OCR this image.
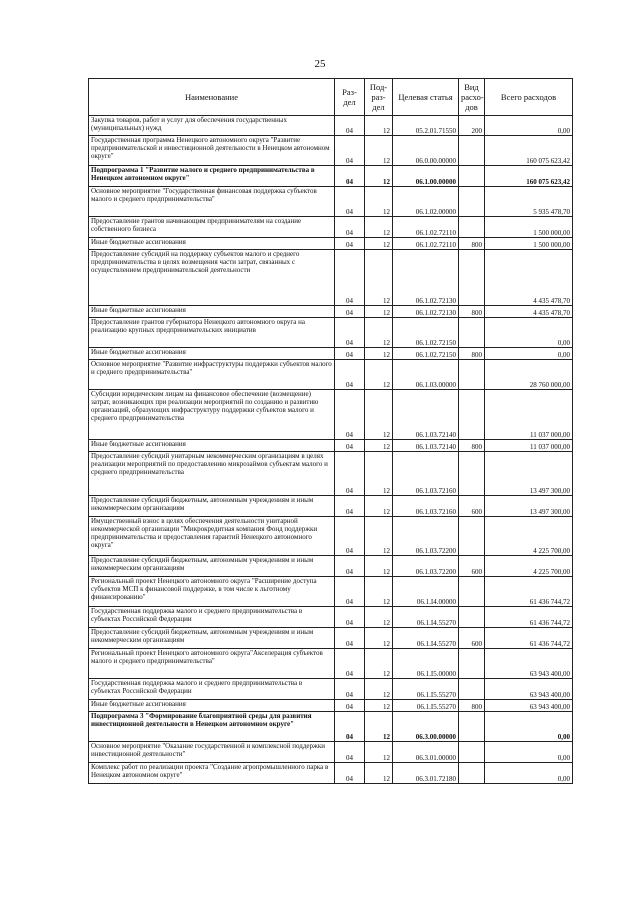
25
Наименование	Раз-дел	Под-раз-дел	Целевая статья	Вид расхо-дов	Всего расходов
Закупка товаров, работ и услуг для обеспечения государственных (муниципальных) нужд	04	12	05.2.01.71550	200	0,00
Государственная программа Ненецкого автономного округа "Развитие предпринимательской и инвестиционной деятельности в Ненецком автономном округе"	04	12	06.0.00.00000		160 075 623,42
Подпрограмма 1 "Развитие малого и среднего предпринимательства в Ненецком автономном округе"	04	12	06.1.00.00000		160 075 623,42
Основное мероприятие "Государственная финансовая поддержка субъектов малого и среднего предпринимательства"	04	12	06.1.02.00000		5 935 478,70
Предоставление грантов начинающим предпринимателям на создание собственного бизнеса	04	12	06.1.02.72110		1 500 000,00
Иные бюджетные ассигнования	04	12	06.1.02.72110	800	1 500 000,00
Предоставление субсидий на поддержку субъектов малого и среднего предпринимательства в целях возмещения части затрат, связанных с осуществлением предпринимательской деятельности	04	12	06.1.02.72130		4 435 478,70
Иные бюджетные ассигнования	04	12	06.1.02.72130	800	4 435 478,70
Предоставление грантов губернатора Ненецкого автономного округа на реализацию крупных предпринимательских инициатив	04	12	06.1.02.72150		0,00
Иные бюджетные ассигнования	04	12	06.1.02.72150	800	0,00
Основное мероприятие "Развитие инфраструктуры поддержки субъектов малого и среднего предпринимательства"	04	12	06.1.03.00000		28 760 000,00
Субсидии юридическим лицам на финансовое обеспечение (возмещение) затрат, возникающих при реализации мероприятий по созданию и развитию организаций, образующих инфраструктуру поддержки субъектов малого и среднего предпринимательства	04	12	06.1.03.72140		11 037 000,00
Иные бюджетные ассигнования	04	12	06.1.03.72140	800	11 037 000,00
Предоставление субсидий унитарным некоммерческим организациям в целях реализации мероприятий по предоставлению микрозаймов субъектам малого и среднего предпринимательства	04	12	06.1.03.72160		13 497 300,00
Предоставление субсидий бюджетным, автономным учреждениям и иным некоммерческим организациям	04	12	06.1.03.72160	600	13 497 300,00
Имущественный взнос в целях обеспечения деятельности унитарной некоммерческой организации "Микрокредитная компания Фонд поддержки предпринимательства и предоставления гарантий Ненецкого автономного округа"	04	12	06.1.03.72200		4 225 700,00
Предоставление субсидий бюджетным, автономным учреждениям и иным некоммерческим организациям	04	12	06.1.03.72200	600	4 225 700,00
Региональный проект Ненецкого автономного округа "Расширение доступа субъектов МСП к финансовой поддержке, в том числе к льготному финансированию"	04	12	06.1.I4.00000		61 436 744,72
Государственная поддержка малого и среднего предпринимательства в субъектах Российской Федерации	04	12	06.1.I4.55270		61 436 744,72
Предоставление субсидий бюджетным, автономным учреждениям и иным некоммерческим организациям	04	12	06.1.I4.55270	600	61 436 744,72
Региональный проект Ненецкого автономного округа"Акселерация субъектов малого и среднего предпринимательства"	04	12	06.1.I5.00000		63 943 400,00
Государственная поддержка малого и среднего предпринимательства в субъектах Российской Федерации	04	12	06.1.I5.55270		63 943 400,00
Иные бюджетные ассигнования	04	12	06.1.I5.55270	800	63 943 400,00
Подпрограмма 3 "Формирование благоприятной среды для развития инвестиционной деятельности в Ненецком автономном округе"	04	12	06.3.00.00000		0,00
Основное мероприятие "Оказание государственной и комплексной поддержки инвестиционной деятельности"	04	12	06.3.01.00000		0,00
Комплекс работ по реализации проекта "Создание агропромышленного парка в Ненецком автономном округе"	04	12	06.3.01.72180		0,00
